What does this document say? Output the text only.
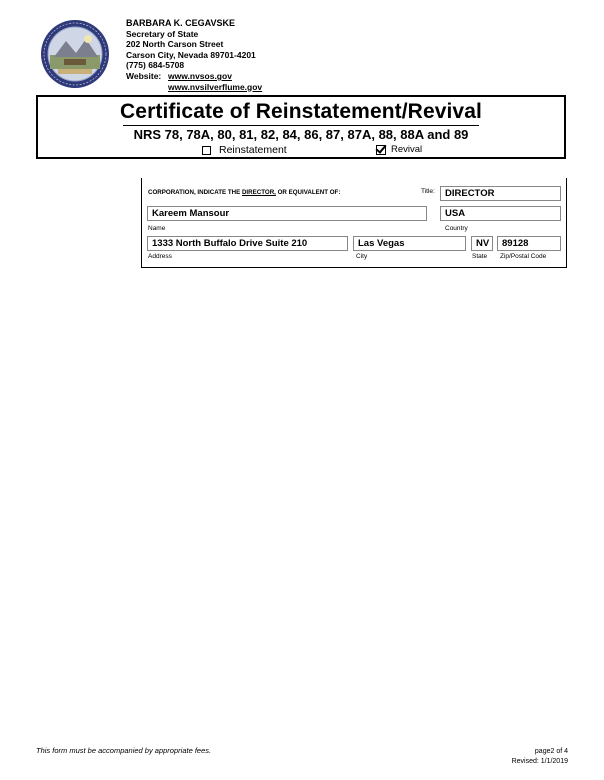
BARBARA K. CEGAVSKE
Secretary of State
202 North Carson Street
Carson City, Nevada 89701-4201
(775) 684-5708
Website: www.nvsos.gov
www.nvsilverflume.gov
Certificate of Reinstatement/Revival
NRS 78, 78A, 80, 81, 82, 84, 86, 87, 87A, 88, 88A and 89
Reinstatement	Revival
CORPORATION, INDICATE THE DIRECTOR, OR EQUIVALENT OF:	Title:	DIRECTOR
Kareem Mansour	USA
Name	Country
1333 North Buffalo Drive Suite 210	Las Vegas	NV	89128
Address	City	State Zip/Postal Code
This form must be accompanied by appropriate fees.	page2 of 4
Revised: 1/1/2019
